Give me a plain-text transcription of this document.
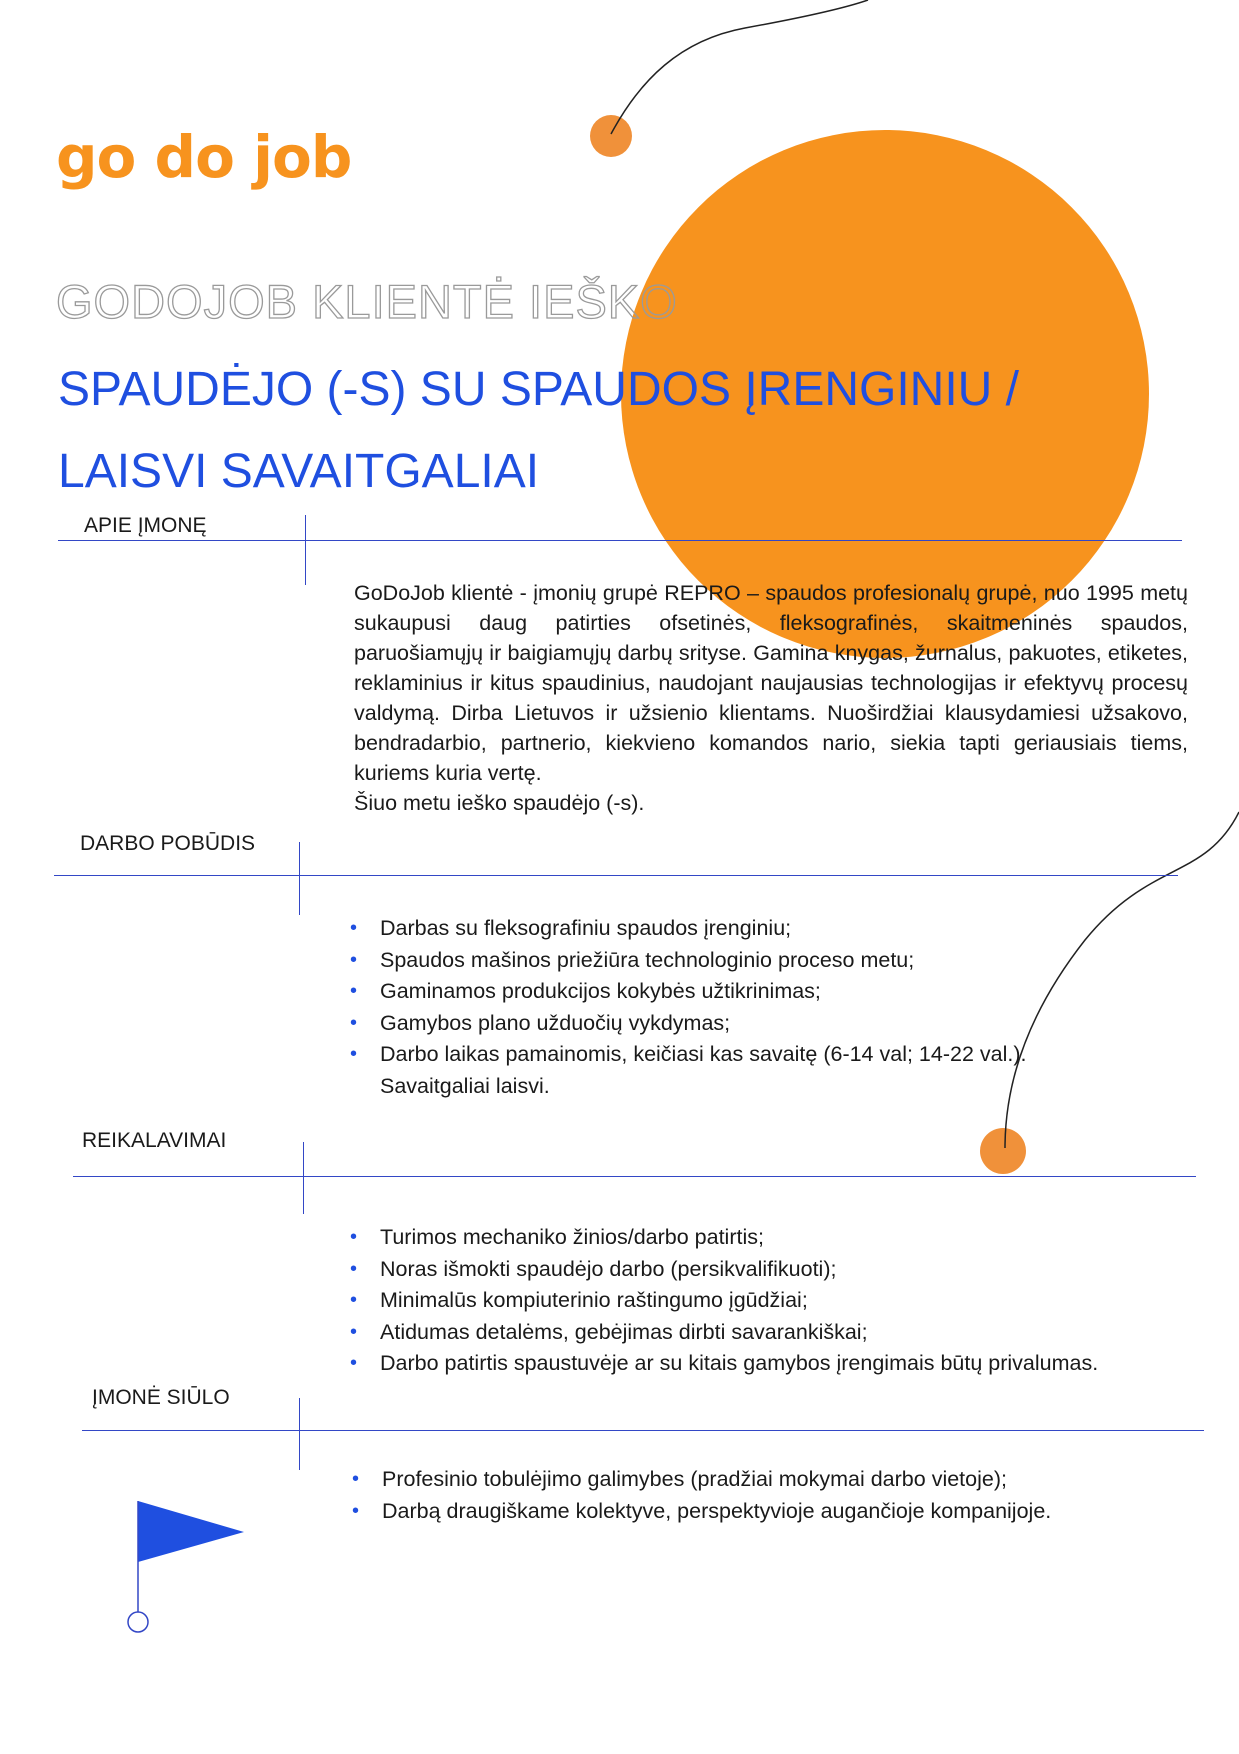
go do job
GODOJOB KLIENTĖ IEŠKO
SPAUDĖJO (-S) SU SPAUDOS ĮRENGINIU /
LAISVI SAVAITGALIAI
APIE ĮMONĘ

GoDoJob klientė - įmonių grupė REPRO – spaudos profesionalų grupė, nuo 1995 metų sukaupusi daug patirties ofsetinės, fleksografinės, skaitmeninės spaudos, paruošiamųjų ir baigiamųjų darbų srityse. Gamina knygas, žurnalus, pakuotes, etiketes, reklaminius ir kitus spaudinius, naudojant naujausias technologijas ir efektyvų procesų valdymą. Dirba Lietuvos ir užsienio klientams. Nuoširdžiai klausydamiesi užsakovo, bendradarbio, partnerio, kiekvieno komandos nario, siekia tapti geriausiais tiems, kuriems kuria vertę.

Šiuo metu ieško spaudėjo (-s).

DARBO POBŪDIS
• Darbas su fleksografiniu spaudos įrenginiu;
• Spaudos mašinos priežiūra technologinio proceso metu;
• Gaminamos produkcijos kokybės užtikrinimas;
• Gamybos plano užduočių vykdymas;
• Darbo laikas pamainomis, keičiasi kas savaitę (6-14 val; 14-22 val.).
Savaitgaliai laisvi.
REIKALAVIMAI
• Turimos mechaniko žinios/darbo patirtis;
• Noras išmokti spaudėjo darbo (persikvalifikuoti);
• Minimalūs kompiuterinio raštingumo įgūdžiai;
• Atidumas detalėms, gebėjimas dirbti savarankiškai;
• Darbo patirtis spaustuvėje ar su kitais gamybos įrengimais būtų privalumas.
ĮMONĖ SIŪLO
• Profesinio tobulėjimo galimybes (pradžiai mokymai darbo vietoje);
• Darbą draugiškame kolektyve, perspektyvioje augančioje kompanijoje.
